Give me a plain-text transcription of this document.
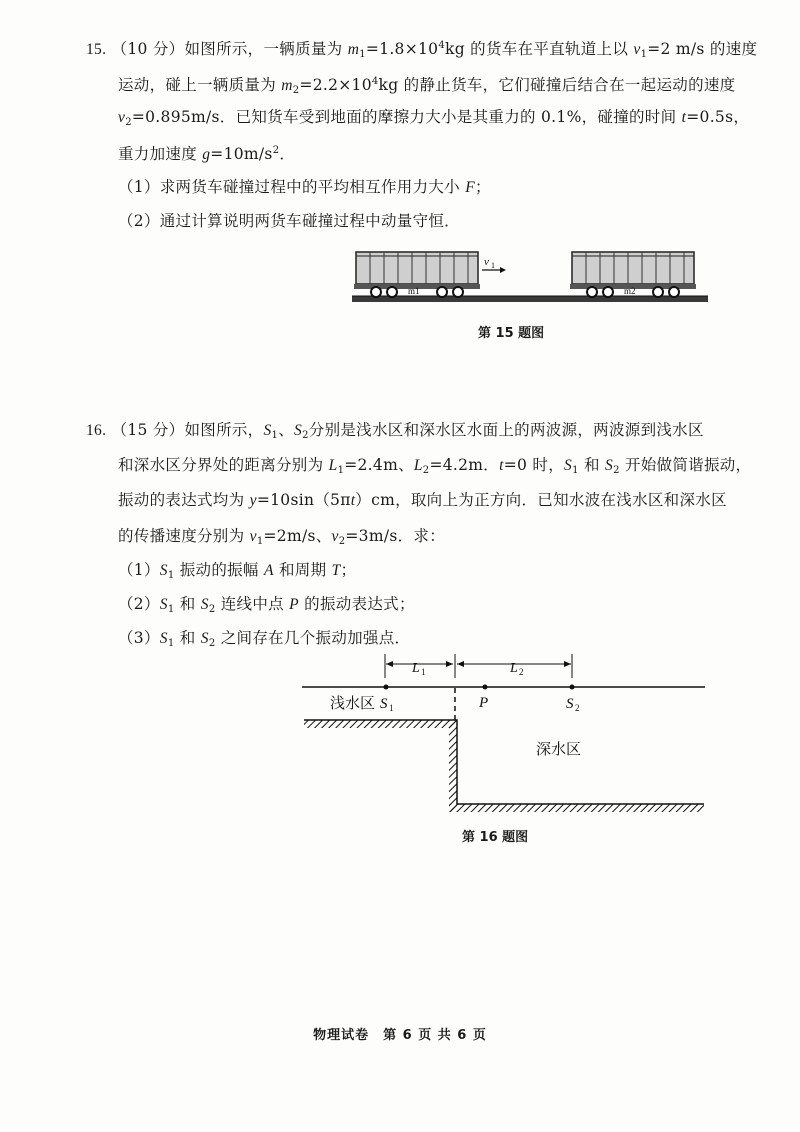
15. （10 分）如图所示，一辆质量为 $m_1=1.8\times 10^4kg$ 的货车在平直轨道上以 $v_1=2$ m/s 的速度
运动，碰上一辆质量为 $m_2=2.2\times 10^4kg$ 的静止货车，它们碰撞后结合在一起运动的速度
$v_2=0.895m/s$．已知货车受到地面的摩擦力大小是其重力的 0.1%，碰撞的时间 t=0.5s，
重力加速度 $g=10m/s^2$．
（1）求两货车碰撞过程中的平均相互作用力大小 F；
（2）通过计算说明两货车碰撞过程中动量守恒．
m1
v 1
m2
第 15 题图
16. （15 分）如图所示，$S_1$、$S_2$分别是浅水区和深水区水面上的两波源，两波源到浅水区
和深水区分界处的距离分别为 $L_1=2.4m$、$L_2=4.2m$．t=0 时，$S_1$ 和 $S_2$ 开始做简谐振动，
振动的表达式均为 y=10sin（5πt）cm，取向上为正方向．已知水波在浅水区和深水区
的传播速度分别为 $v_1=2m/s$、$v_2=3m/s$．求：
$(1)S_1$ 振动的振幅 A 和周期 T；
$(2)S_1$ 和 $S_2$ 连线中点 P 的振动表达式；
$(3)S_1$ 和 $S_2$ 之间存在几个振动加强点．
L 1	L 2
S 1	P	S 2
浅水区
深水区
第 16 题图
物理试卷　第 6 页 共 6 页
